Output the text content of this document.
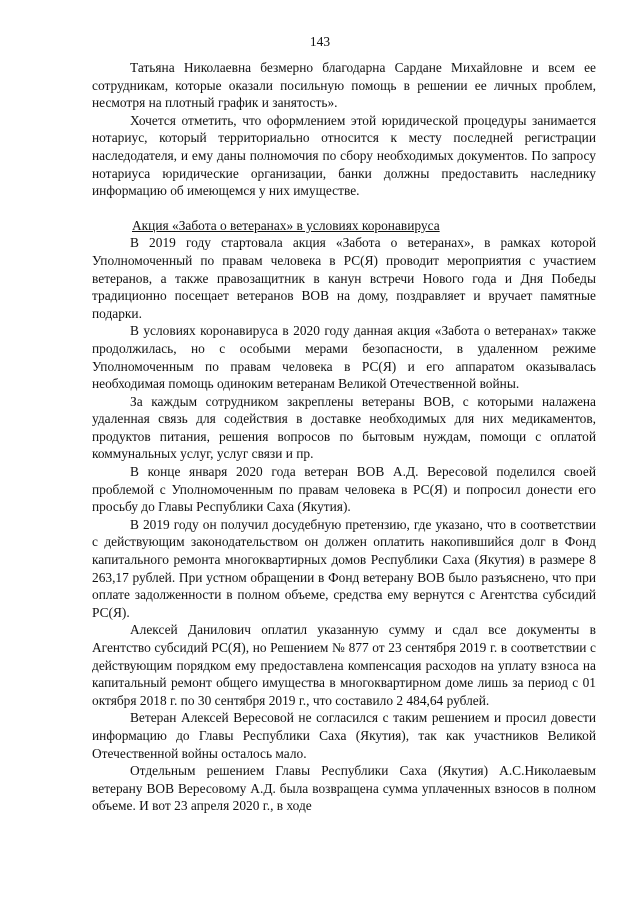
143

Татьяна Николаевна безмерно благодарна Сардане Михайловне и всем ее сотрудникам, которые оказали посильную помощь в решении ее личных проблем, несмотря на плотный график и занятость».

Хочется отметить, что оформлением этой юридической процедуры занимается нотариус, который территориально относится к месту последней регистрации наследодателя, и ему даны полномочия по сбору необходимых документов. По запросу нотариуса юридические организации, банки должны предоставить наследнику информацию об имеющемся у них имуществе.

Акция «Забота о ветеранах» в условиях коронавируса

В 2019 году стартовала акция «Забота о ветеранах», в рамках которой Уполномоченный по правам человека в РС(Я) проводит мероприятия с участием ветеранов, а также правозащитник в канун встречи Нового года и Дня Победы традиционно посещает ветеранов ВОВ на дому, поздравляет и вручает памятные подарки.

В условиях коронавируса в 2020 году данная акция «Забота о ветеранах» также продолжилась, но с особыми мерами безопасности, в удаленном режиме Уполномоченным по правам человека в РС(Я) и его аппаратом оказывалась необходимая помощь одиноким ветеранам Великой Отечественной войны.

За каждым сотрудником закреплены ветераны ВОВ, с которыми налажена удаленная связь для содействия в доставке необходимых для них медикаментов, продуктов питания, решения вопросов по бытовым нуждам, помощи с оплатой коммунальных услуг, услуг связи и пр.

В конце января 2020 года ветеран ВОВ А.Д. Вересовой поделился своей проблемой с Уполномоченным по правам человека в РС(Я) и попросил донести его просьбу до Главы Республики Саха (Якутия).

В 2019 году он получил досудебную претензию, где указано, что в соответствии с действующим законодательством он должен оплатить накопившийся долг в Фонд капитального ремонта многоквартирных домов Республики Саха (Якутия) в размере 8 263,17 рублей. При устном обращении в Фонд ветерану ВОВ было разъяснено, что при оплате задолженности в полном объеме, средства ему вернутся с Агентства субсидий РС(Я).

Алексей Данилович оплатил указанную сумму и сдал все документы в Агентство субсидий РС(Я), но Решением № 877 от 23 сентября 2019 г. в соответствии с действующим порядком ему предоставлена компенсация расходов на уплату взноса на капитальный ремонт общего имущества в многоквартирном доме лишь за период с 01 октября 2018 г. по 30 сентября 2019 г., что составило 2 484,64 рублей.

Ветеран Алексей Вересовой не согласился с таким решением и просил довести информацию до Главы Республики Саха (Якутия), так как участников Великой Отечественной войны осталось мало.

Отдельным решением Главы Республики Саха (Якутия) А.С.Николаевым ветерану ВОВ Вересовому А.Д. была возвращена сумма уплаченных взносов в полном объеме. И вот 23 апреля 2020 г., в ходе
